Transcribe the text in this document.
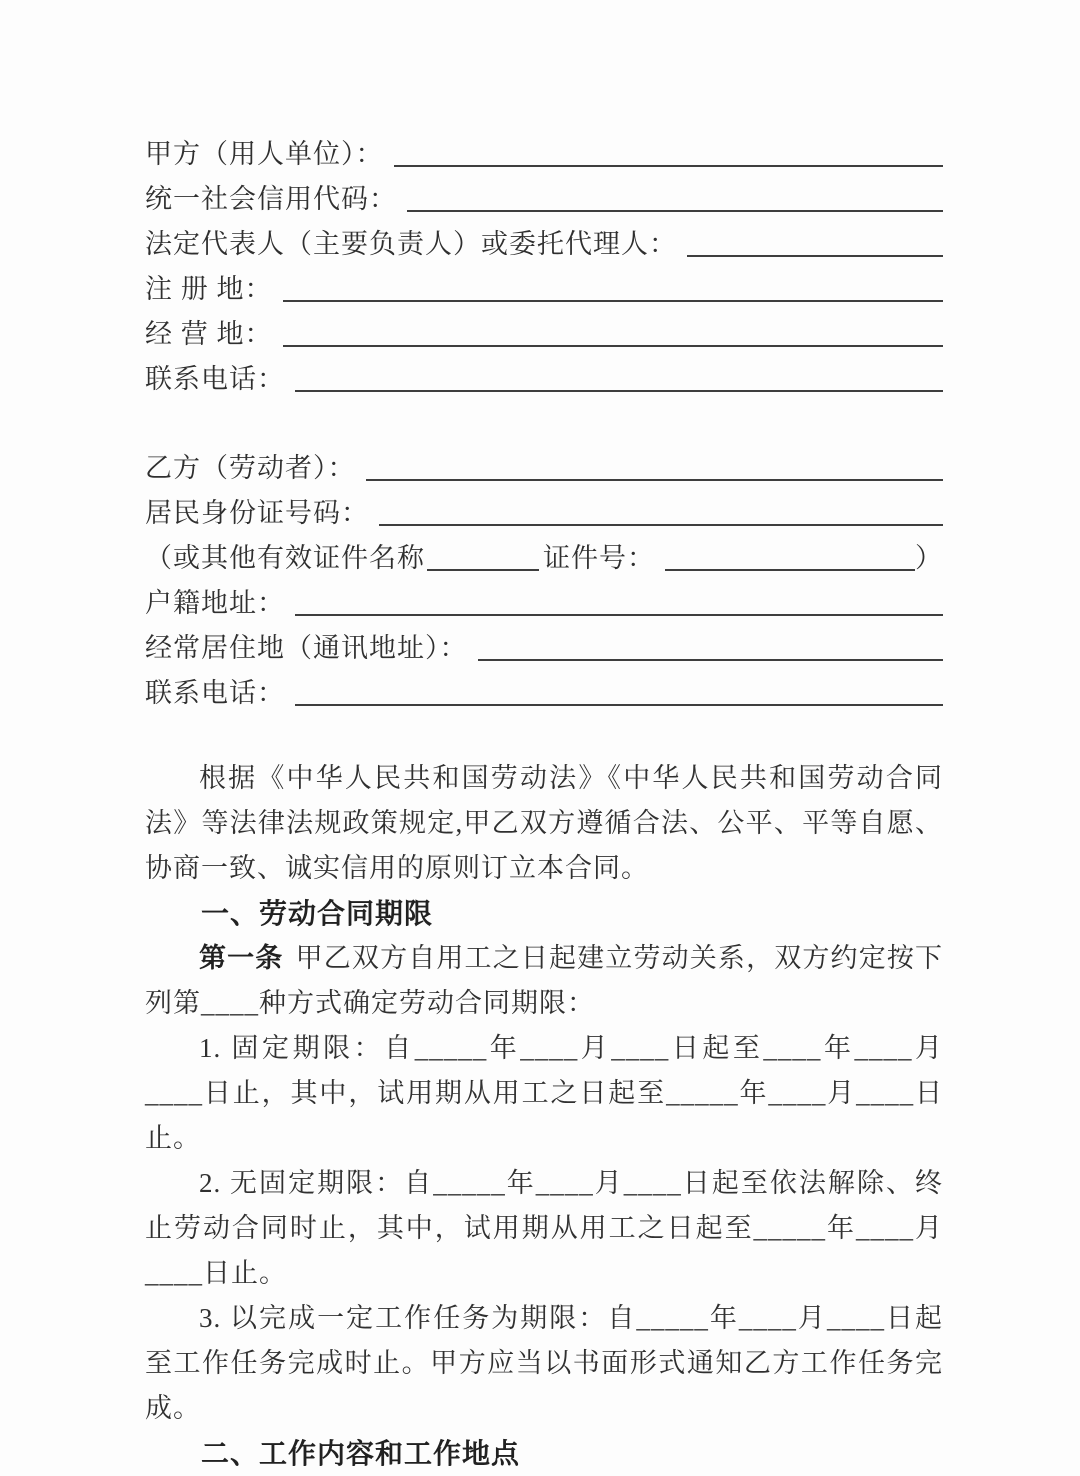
甲方（用人单位）：
统一社会信用代码：
法定代表人（主要负责人）或委托代理人：
注 册 地：
经 营 地：
联系电话：
乙方（劳动者）：
居民身份证号码：
（或其他有效证件名称	证件号：	）
户籍地址：
经常居住地（通讯地址）：
联系电话：

根据《中华人民共和国劳动法》《中华人民共和国劳动合同法》等法律法规政策规定,甲乙双方遵循合法、公平、平等自愿、协商一致、诚实信用的原则订立本合同。

一、劳动合同期限

第一条 甲乙双方自用工之日起建立劳动关系，双方约定按下列第____种方式确定劳动合同期限：

1. 固定期限：自_____年____月____日起至____年____月____日止，其中，试用期从用工之日起至_____年____月____日止。

2. 无固定期限：自_____年____月____日起至依法解除、终止劳动合同时止，其中，试用期从用工之日起至_____年____月____日止。

3. 以完成一定工作任务为期限：自_____年____月____日起至工作任务完成时止。甲方应当以书面形式通知乙方工作任务完成。

二、工作内容和工作地点
